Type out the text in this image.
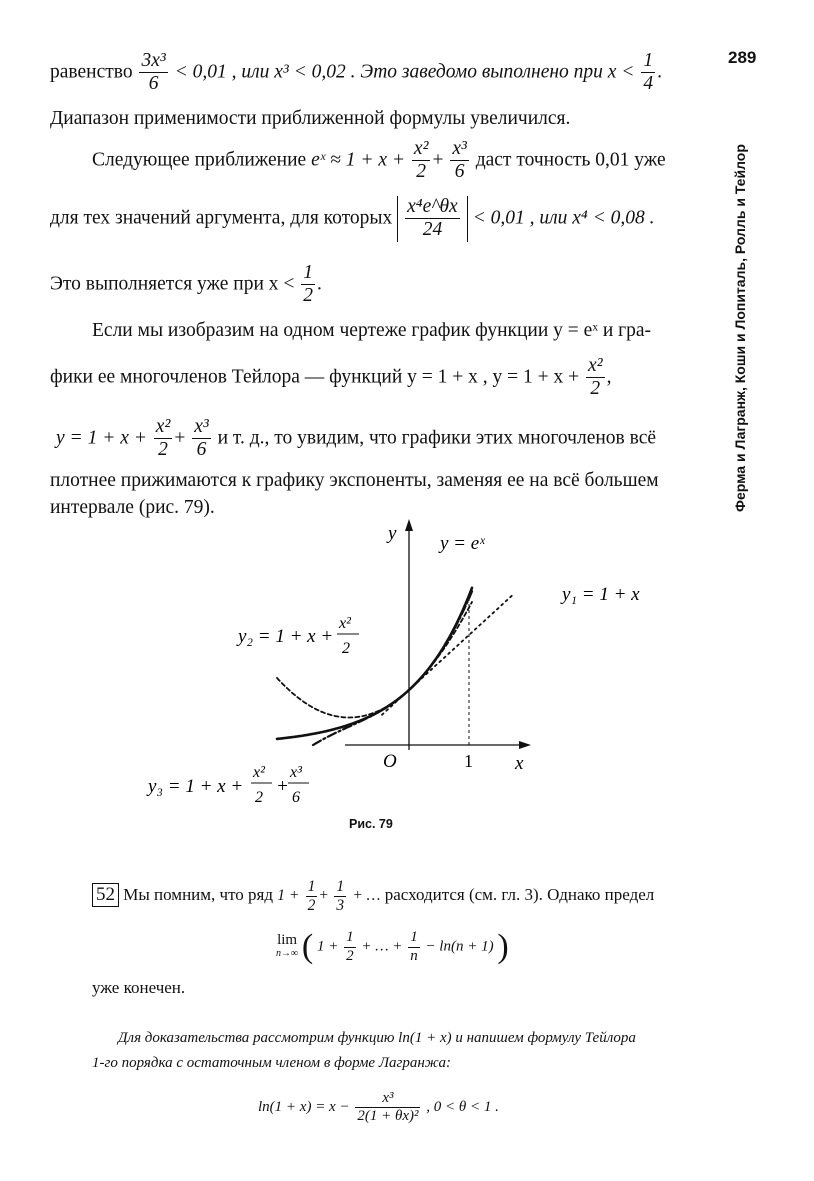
289
Ферма и Лагранж, Коши и Лопиталь, Ролль и Тейлор
равенство $\frac{\text{3x³}}{6} < 0,01$ , или x³ < 0,02 . Это заведомо выполнено при $x < \frac{1}{4}$ .
Диапазон применимости приближенной формулы увеличился.
Следующее приближение eˣ ≈ $1 + x + \frac{\text{x²}}{2} + \frac{\text{x³}}{6}$ даст точность 0,01 уже
для тех значений аргумента, для которых $\frac{\text{x⁴e\textasciicircum{}θx}}{24} < 0,01$ , или x⁴ < 0,08 .
Это выполняется уже при $x < \frac{1}{2}$ .
Если мы изобразим на одном чертеже график функции y = eˣ и гра-
фики ее многочленов Тейлора — функций y = 1 + x , $y = 1 + x + \frac{\text{x²}}{2}$ ,
$y = 1 + x + \frac{\text{x²}}{2} + \frac{\text{x³}}{6}$ и т. д., то увидим, что графики этих многочленов всё
плотнее прижимаются к графику экспоненты, заменяя ее на всё большем
интервале (рис. 79).
y
x
O	1
y = eˣ
y₁ = 1 + x
y₂ = 1 + x +
x²
2
y₃ = 1 + x +
x²
2
+
x³
6
Рис. 79
52 Мы помним, что ряд $1 + \frac{1}{2} + \frac{1}{3}$ + … расходится (см. гл. 3). Однако предел
lim
n→∞ ( $1 + \frac{1}{2}$ + … + $\frac{1}{n} - \ln(n + 1)$ )
уже конечен.
Для доказательства рассмотрим функцию ln(1 + x) и напишем формулу Тейлора
1-го порядка с остаточным членом в форме Лагранжа:
$\ln(1 + x) = x - \frac{\text{x³}}{\text{2(1 + θx)²}}$ , 0 < θ < 1 .
